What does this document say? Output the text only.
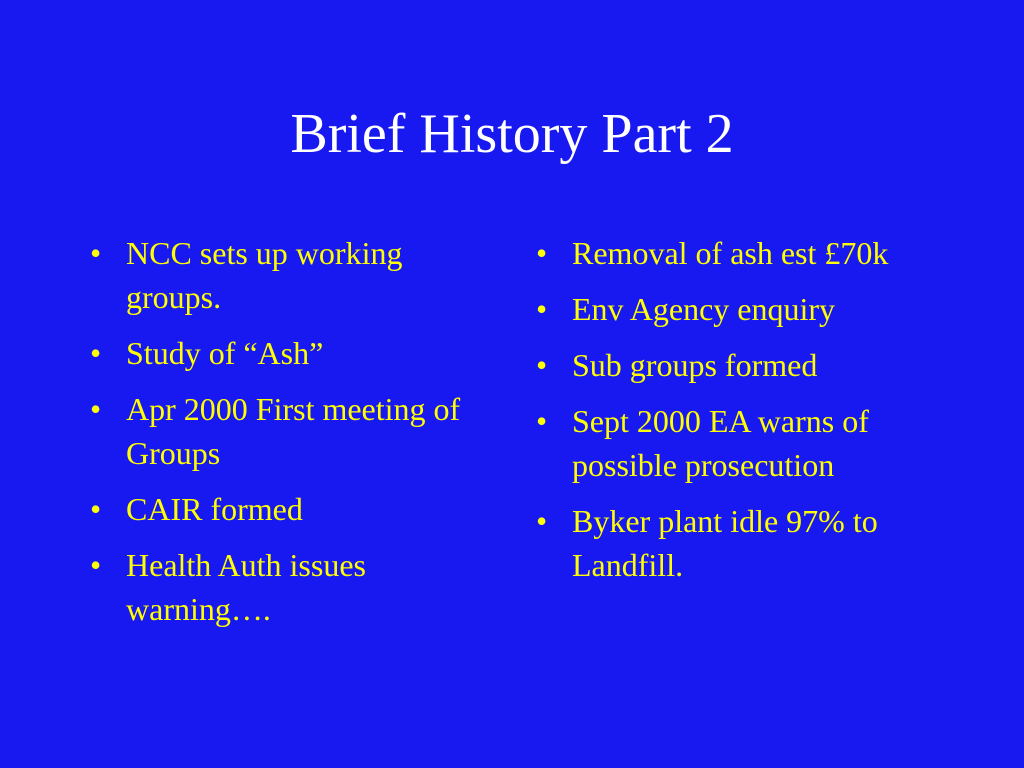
Brief History Part 2
• NCC sets up working groups.
• Study of “Ash”
• Apr 2000 First meeting of Groups
• CAIR formed
• Health Auth issues warning….
• Removal of ash est £70k
• Env Agency enquiry
• Sub groups formed
• Sept 2000 EA warns of possible prosecution
• Byker plant idle 97% to Landfill.
